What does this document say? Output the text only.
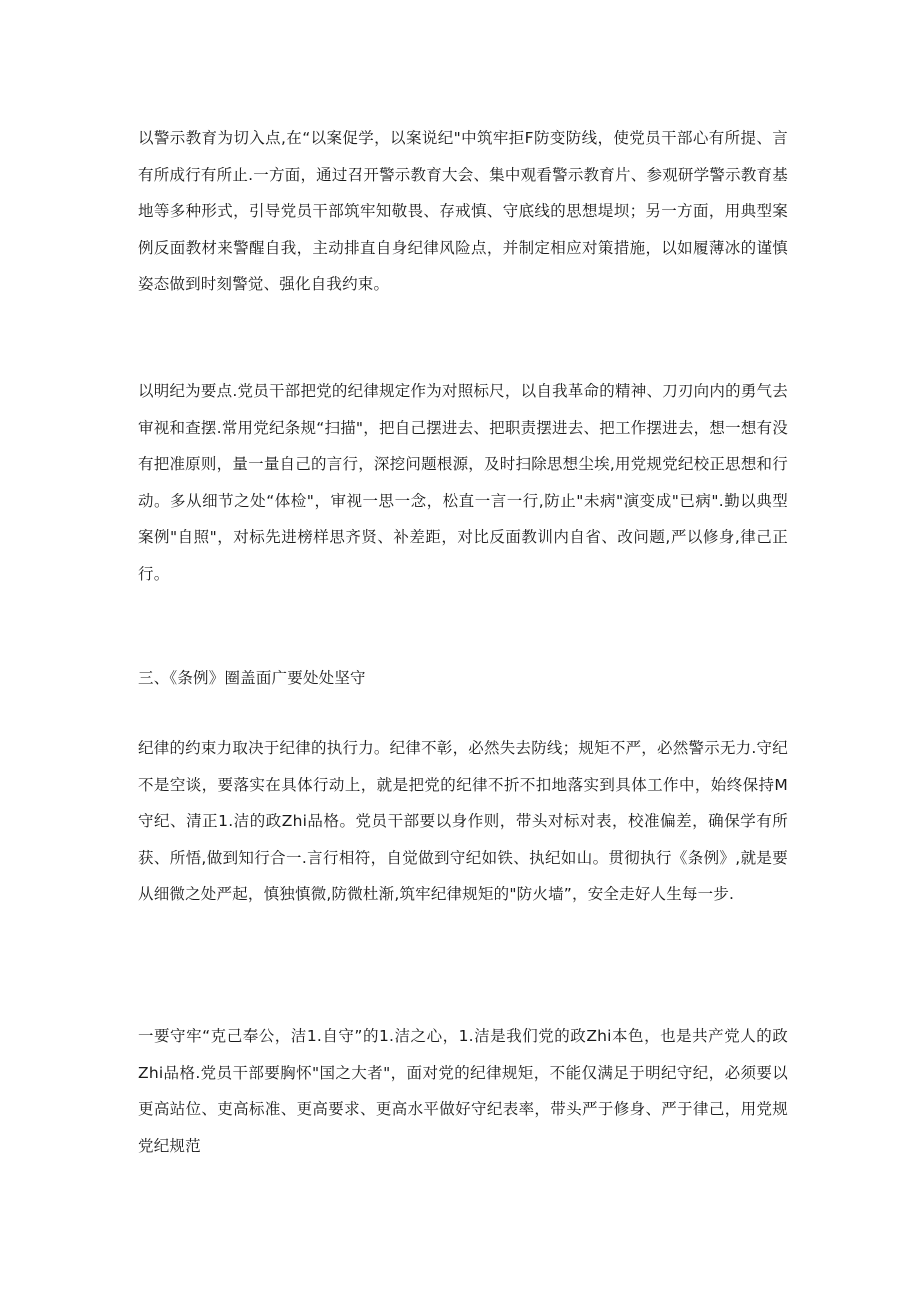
以警示教育为切入点,在“以案促学，以案说纪"中筑牢拒F防变防线，使党员干部心有所提、言有所成行有所止.一方面，通过召开警示教育大会、集中观看警示教育片、参观研学警示教育基地等多种形式，引导党员干部筑牢知敬畏、存戒慎、守底线的思想堤坝；另一方面，用典型案例反面教材来警醒自我，主动排直自身纪律风险点，并制定相应对策措施，以如履薄冰的谨慎姿态做到时刻警觉、强化自我约束。

以明纪为要点.党员干部把党的纪律规定作为对照标尺，以自我革命的精神、刀刃向内的勇气去审视和查摆.常用党纪条规“扫描"，把自己摆进去、把职责摆进去、把工作摆进去，想一想有没有把准原则，量一量自己的言行，深挖问题根源，及时扫除思想尘埃,用党规党纪校正思想和行动。多从细节之处“体检"，审视一思一念，松直一言一行,防止"未病"演变成"已病".勤以典型案例"自照"，对标先进榜样思齐贤、补差距，对比反面教训内自省、改问题,严以修身,律己正行。

三、《条例》圈盖面广要处处坚守

纪律的约束力取决于纪律的执行力。纪律不彰，必然失去防线；规矩不严，必然警示无力.守纪不是空谈，要落实在具体行动上，就是把党的纪律不折不扣地落实到具体工作中，始终保持M守纪、清正1.洁的政Zhi品格。党员干部要以身作则，带头对标对表，校准偏差，确保学有所获、所悟,做到知行合一.言行相符，自觉做到守纪如铁、执纪如山。贯彻执行《条例》,就是要从细微之处严起，慎独慎微,防微杜渐,筑牢纪律规矩的"防火墙”，安全走好人生每一步.

一要守牢“克己奉公，洁1.自守”的1.洁之心，1.洁是我们党的政Zhi本色，也是共产党人的政Zhi品格.党员干部要胸怀"国之大者"，面对党的纪律规矩，不能仅满足于明纪守纪，必须要以更高站位、吏高标准、更高要求、更高水平做好守纪表率，带头严于修身、严于律己，用党规党纪规范
